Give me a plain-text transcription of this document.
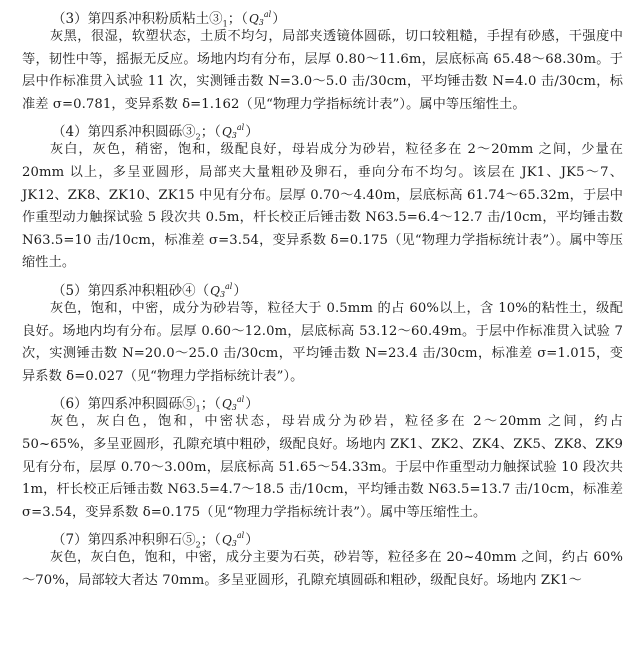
（3）第四系冲积粉质粘土$③_1$；$(Q_3^{al})$
灰黑，很湿，软塑状态，土质不均匀，局部夹透镜体圆砾，切口较粗糙，手捏有砂感，干强度中等，韧性中等，摇振无反应。场地内均有分布，层厚 0.80～11.6m，层底标高 65.48～68.30m。于层中作标准贯入试验 11 次，实测锤击数 N=3.0～5.0 击/30cm，平均锤击数 N=4.0 击/30cm，标准差 σ=0.781，变异系数 δ=1.162（见“物理力学指标统计表”）。属中等压缩性土。
（4）第四系冲积圆砾$③_2$；$(Q_3^{al})$
灰白，灰色，稍密，饱和，级配良好，母岩成分为砂岩，粒径多在 2～20mm 之间，少量在 20mm 以上，多呈亚圆形，局部夹大量粗砂及卵石，垂向分布不均匀。该层在 JK1、JK5～7、JK12、ZK8、ZK10、ZK15 中见有分布。层厚 0.70～4.40m，层底标高 61.74～65.32m，于层中作重型动力触探试验 5 段次共 0.5m，杆长校正后锤击数 N63.5=6.4～12.7 击/10cm，平均锤击数 N63.5=10 击/10cm，标准差 σ=3.54，变异系数 δ=0.175（见“物理力学指标统计表”）。属中等压缩性土。
（5）第四系冲积粗砂$④(Q_3^{al})$
灰色，饱和，中密，成分为砂岩等，粒径大于 0.5mm 的占 60%以上，含 10%的粘性土，级配良好。场地内均有分布。层厚 0.60～12.0m，层底标高 53.12～60.49m。于层中作标准贯入试验 7 次，实测锤击数 N=20.0～25.0 击/30cm，平均锤击数 N=23.4 击/30cm，标准差 σ=1.015，变异系数 δ=0.027（见“物理力学指标统计表”）。
（6）第四系冲积圆砾$⑤_1$；$(Q_3^{al})$
灰色，灰白色，饱和，中密状态，母岩成分为砂岩，粒径多在 2～20mm 之间，约占 50~65%，多呈亚圆形，孔隙充填中粗砂，级配良好。场地内 ZK1、ZK2、ZK4、ZK5、ZK8、ZK9 见有分布，层厚 0.70～3.00m，层底标高 51.65～54.33m。于层中作重型动力触探试验 10 段次共 1m，杆长校正后锤击数 N63.5=4.7～18.5 击/10cm，平均锤击数 N63.5=13.7 击/10cm，标准差 σ=3.54，变异系数 δ=0.175（见“物理力学指标统计表”）。属中等压缩性土。
（7）第四系冲积卵石$⑤_2$；$(Q_3^{al})$
灰色，灰白色，饱和，中密，成分主要为石英，砂岩等，粒径多在 20~40mm 之间，约占 60%～70%，局部较大者达 70mm。多呈亚圆形，孔隙充填圆砾和粗砂，级配良好。场地内 ZK1～
